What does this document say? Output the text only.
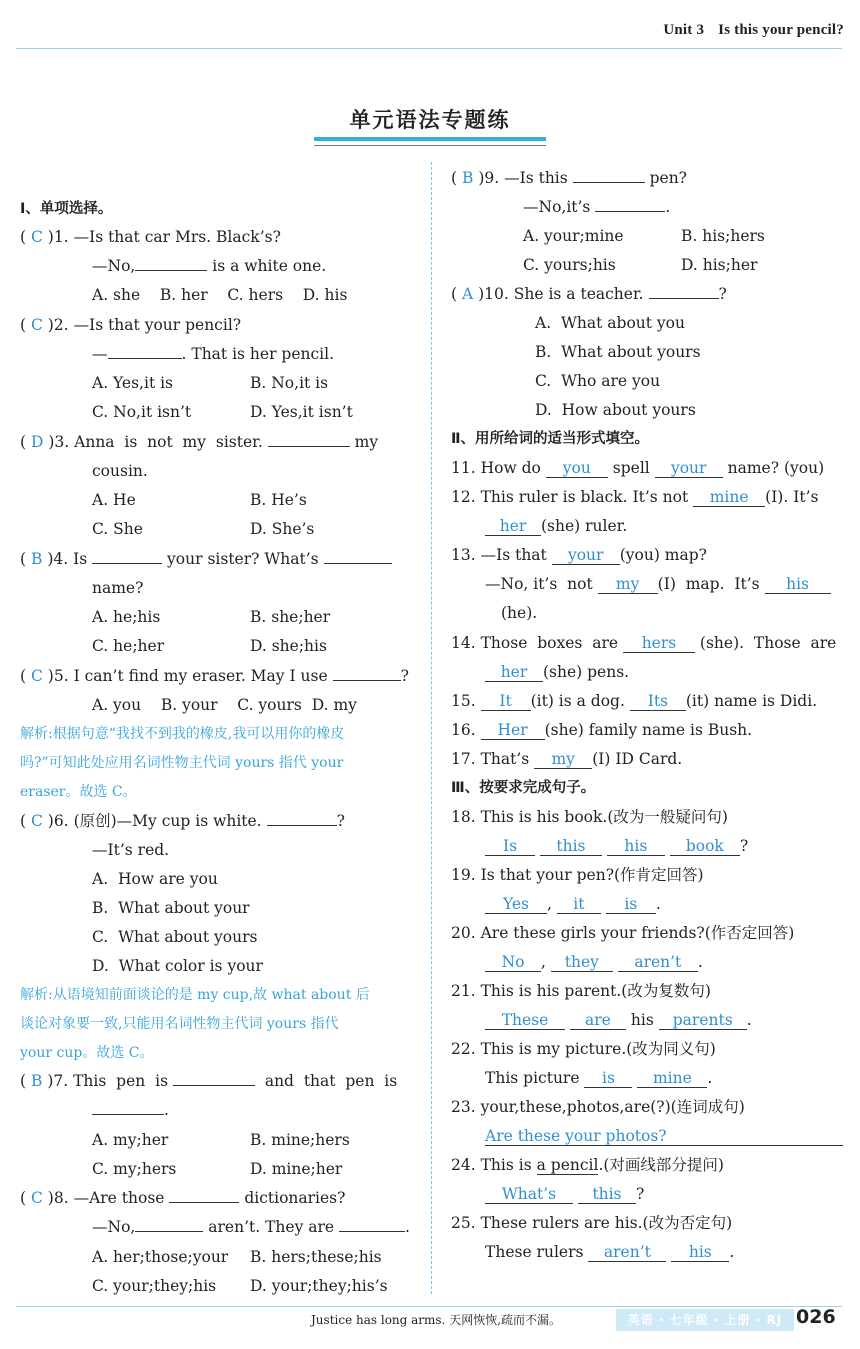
Unit 3 Is this your pencil?
单元语法专题练
Ⅰ、单项选择。
( C )1. —Is that car Mrs. Black’s?
—No,	is a white one.
A. she    B. her    C. hers    D. his
( C )2. —Is that your pencil?
—	. That is her pencil.
A. Yes,it is	B. No,it is
C. No,it isn’t	D. Yes,it isn’t
( D )3. Anna  is  not  my  sister.	my
cousin.
A. He	B. He’s
C. She	D. She’s
( B )4. Is	your sister? What’s
name?
A. he;his	B. she;her
C. he;her	D. she;his
( C )5. I can’t find my eraser. May I use	?
A. you    B. your    C. yours  D. my
解析:根据句意“我找不到我的橡皮,我可以用你的橡皮
吗?”可知此处应用名词性物主代词 yours 指代 your
eraser。故选 C。
( C )6. (原创)—My cup is white.	?
—It’s red.
A.  How are you
B.  What about your
C.  What about yours
D.  What color is your
解析:从语境知前面谈论的是 my cup,故 what about 后
谈论对象要一致,只能用名词性物主代词 yours 指代
your cup。故选 C。
( B )7. This  pen  is	and  that  pen  is
.
A. my;her	B. mine;hers
C. my;hers	D. mine;her
( C )8. —Are those	dictionaries?
—No,	aren’t. They are	.
A. her;those;your B. hers;these;his
C. your;they;his D. your;they;his’s
( B )9. —Is this	pen?
—No,it’s	.
A. your;mine	B. his;hers
C. yours;his	D. his;her
( A )10. She is a teacher.	?
A.  What about you
B.  What about yours
C.  Who are you
D.  How about yours
Ⅱ、用所给词的适当形式填空。
11. How do you spell your name? (you)
12. This ruler is black. It’s not mine (I). It’s
her (she) ruler.
13. —Is that your (you) map?
—No, it’s  not my (I)  map.  It’s his
(he).
14. Those  boxes  are hers (she).  Those  are
her (she) pens.
15. It (it) is a dog. Its (it) name is Didi.
16. Her (she) family name is Bush.
17. That’s my (I) ID Card.
Ⅲ、按要求完成句子。
18. This is his book.(改为一般疑问句)
Is	this	his book ?
19. Is that your pen?(作肯定回答)
Yes , it	is .
20. Are these girls your friends?(作否定回答)
No , they aren’t .
21. This is his parent.(改为复数句)
These are his parents .
22. This is my picture.(改为同义句)
This picture is mine .
23. your,these,photos,are(?)(连词成句)
Are these your photos?
24. This is a pencil.(对画线部分提问)
What’s this ?
25. These rulers are his.(改为否定句)
These rulers aren’t his .
Justice has long arms. 天网恢恢,疏而不漏。	英语 · 七年级 · 上册 · RJ 026
